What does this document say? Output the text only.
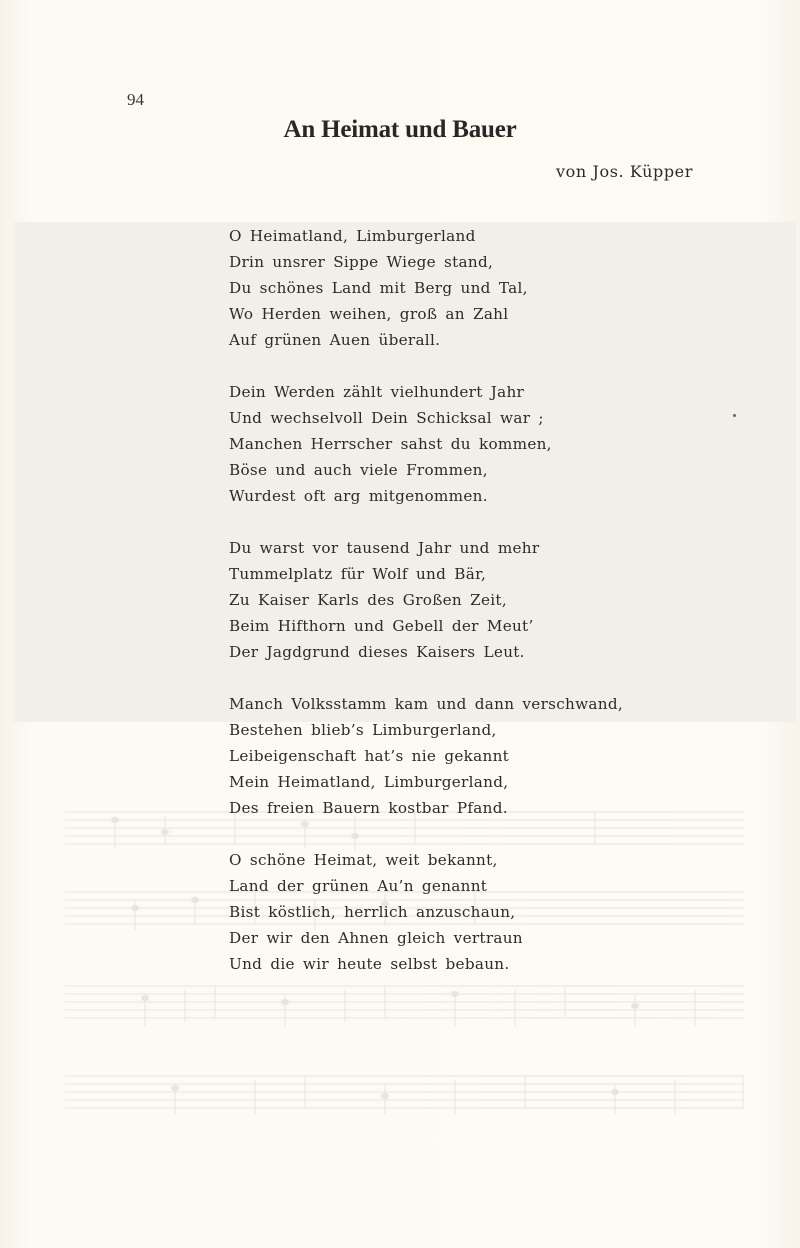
94
An Heimat und Bauer
von Jos. Küpper
O Heimatland, Limburgerland
Drin unsrer Sippe Wiege stand,
Du schönes Land mit Berg und Tal,
Wo Herden weihen, groß an Zahl
Auf grünen Auen überall.
Dein Werden zählt vielhundert Jahr
Und wechselvoll Dein Schicksal war ;
Manchen Herrscher sahst du kommen,
Böse und auch viele Frommen,
Wurdest oft arg mitgenommen.
Du warst vor tausend Jahr und mehr
Tummelplatz für Wolf und Bär,
Zu Kaiser Karls des Großen Zeit,
Beim Hifthorn und Gebell der Meut’
Der Jagdgrund dieses Kaisers Leut.
Manch Volksstamm kam und dann verschwand,
Bestehen blieb’s Limburgerland,
Leibeigenschaft hat’s nie gekannt
Mein Heimatland, Limburgerland,
Des freien Bauern kostbar Pfand.
O schöne Heimat, weit bekannt,
Land der grünen Au’n genannt
Bist köstlich, herrlich anzuschaun,
Der wir den Ahnen gleich vertraun
Und die wir heute selbst bebaun.
